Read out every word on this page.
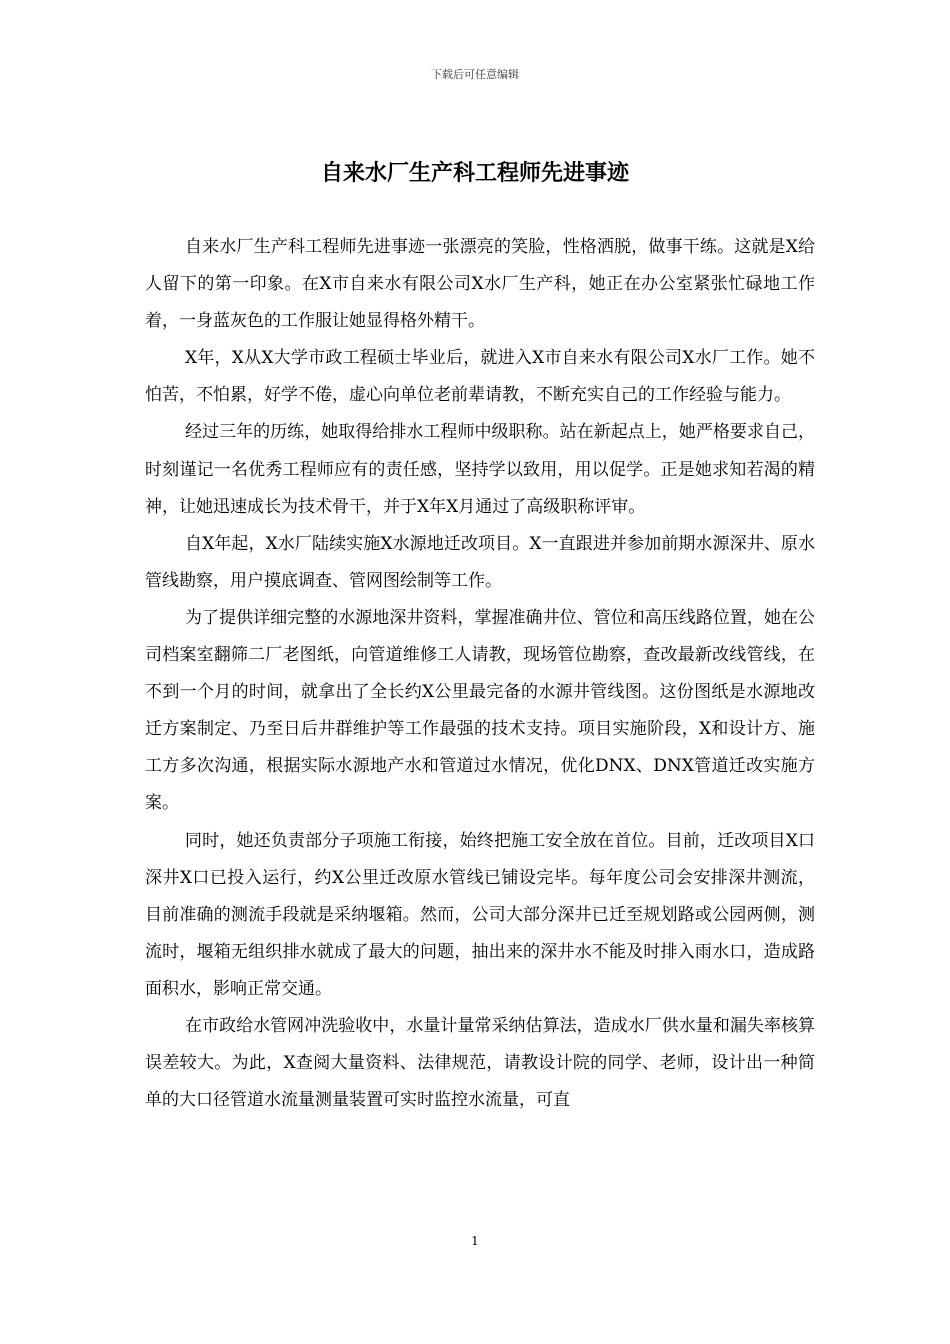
下载后可任意编辑
自来水厂生产科工程师先进事迹

自来水厂生产科工程师先进事迹一张漂亮的笑脸，性格洒脱，做事干练。这就是X给人留下的第一印象。在X市自来水有限公司X水厂生产科，她正在办公室紧张忙碌地工作着，一身蓝灰色的工作服让她显得格外精干。

X年，X从X大学市政工程硕士毕业后，就进入X市自来水有限公司X水厂工作。她不怕苦，不怕累，好学不倦，虚心向单位老前辈请教，不断充实自己的工作经验与能力。

经过三年的历练，她取得给排水工程师中级职称。站在新起点上，她严格要求自己，时刻谨记一名优秀工程师应有的责任感，坚持学以致用，用以促学。正是她求知若渴的精神，让她迅速成长为技术骨干，并于X年X月通过了高级职称评审。

自X年起，X水厂陆续实施X水源地迁改项目。X一直跟进并参加前期水源深井、原水管线勘察，用户摸底调查、管网图绘制等工作。

为了提供详细完整的水源地深井资料，掌握准确井位、管位和高压线路位置，她在公司档案室翻筛二厂老图纸，向管道维修工人请教，现场管位勘察，查改最新改线管线，在不到一个月的时间，就拿出了全长约X公里最完备的水源井管线图。这份图纸是水源地改迁方案制定、乃至日后井群维护等工作最强的技术支持。项目实施阶段，X和设计方、施工方多次沟通，根据实际水源地产水和管道过水情况，优化DNX、DNX管道迁改实施方案。

同时，她还负责部分子项施工衔接，始终把施工安全放在首位。目前，迁改项目X口深井X口已投入运行，约X公里迁改原水管线已铺设完毕。每年度公司会安排深井测流，目前准确的测流手段就是采纳堰箱。然而，公司大部分深井已迁至规划路或公园两侧，测流时，堰箱无组织排水就成了最大的问题，抽出来的深井水不能及时排入雨水口，造成路面积水，影响正常交通。

在市政给水管网冲洗验收中，水量计量常采纳估算法，造成水厂供水量和漏失率核算误差较大。为此，X查阅大量资料、法律规范，请教设计院的同学、老师，设计出一种简单的大口径管道水流量测量装置可实时监控水流量，可直

1
